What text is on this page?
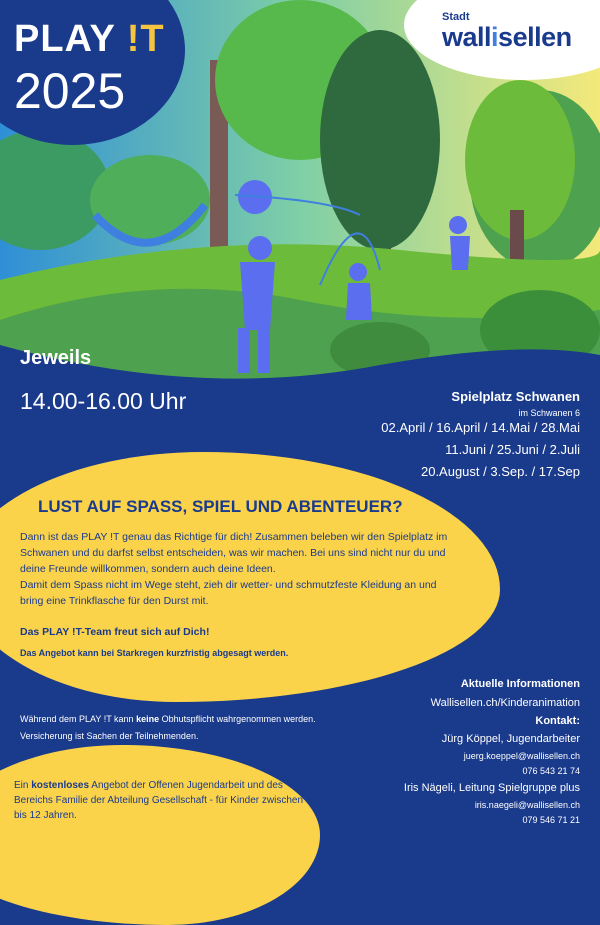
PLAY !T
2025
Stadt
wallisellen
Jeweils
14.00-16.00 Uhr	Spielplatz Schwanen
im Schwanen 6
02.April / 16.April / 14.Mai / 28.Mai
11.Juni / 25.Juni / 2.Juli
20.August / 3.Sep. / 17.Sep
LUST AUF SPASS, SPIEL UND ABENTEUER?

Dann ist das PLAY !T genau das Richtige für dich! Zusammen beleben wir den Spielplatz im Schwanen und du darfst selbst entscheiden, was wir machen. Bei uns sind nicht nur du und deine Freunde willkommen, sondern auch deine Ideen.

Damit dem Spass nicht im Wege steht, zieh dir wetter- und schmutzfeste Kleidung an und bring eine Trinkflasche für den Durst mit.

Das PLAY !T-Team freut sich auf Dich!
Das Angebot kann bei Starkregen kurzfristig abgesagt werden.
Aktuelle Informationen
Wallisellen.ch/Kinderanimation
Kontakt:
Jürg Köppel, Jugendarbeiter
juerg.koeppel@wallisellen.ch
076 543 21 74
Iris Nägeli, Leitung Spielgruppe plus
iris.naegeli@wallisellen.ch
079 546 71 21
Während dem PLAY !T kann keine Obhutspflicht wahrgenommen werden.
Versicherung ist Sachen der Teilnehmenden.

Ein kostenloses Angebot der Offenen Jugendarbeit und des Bereichs Familie der Abteilung Gesellschaft - für Kinder zwischen 6 bis 12 Jahren.
